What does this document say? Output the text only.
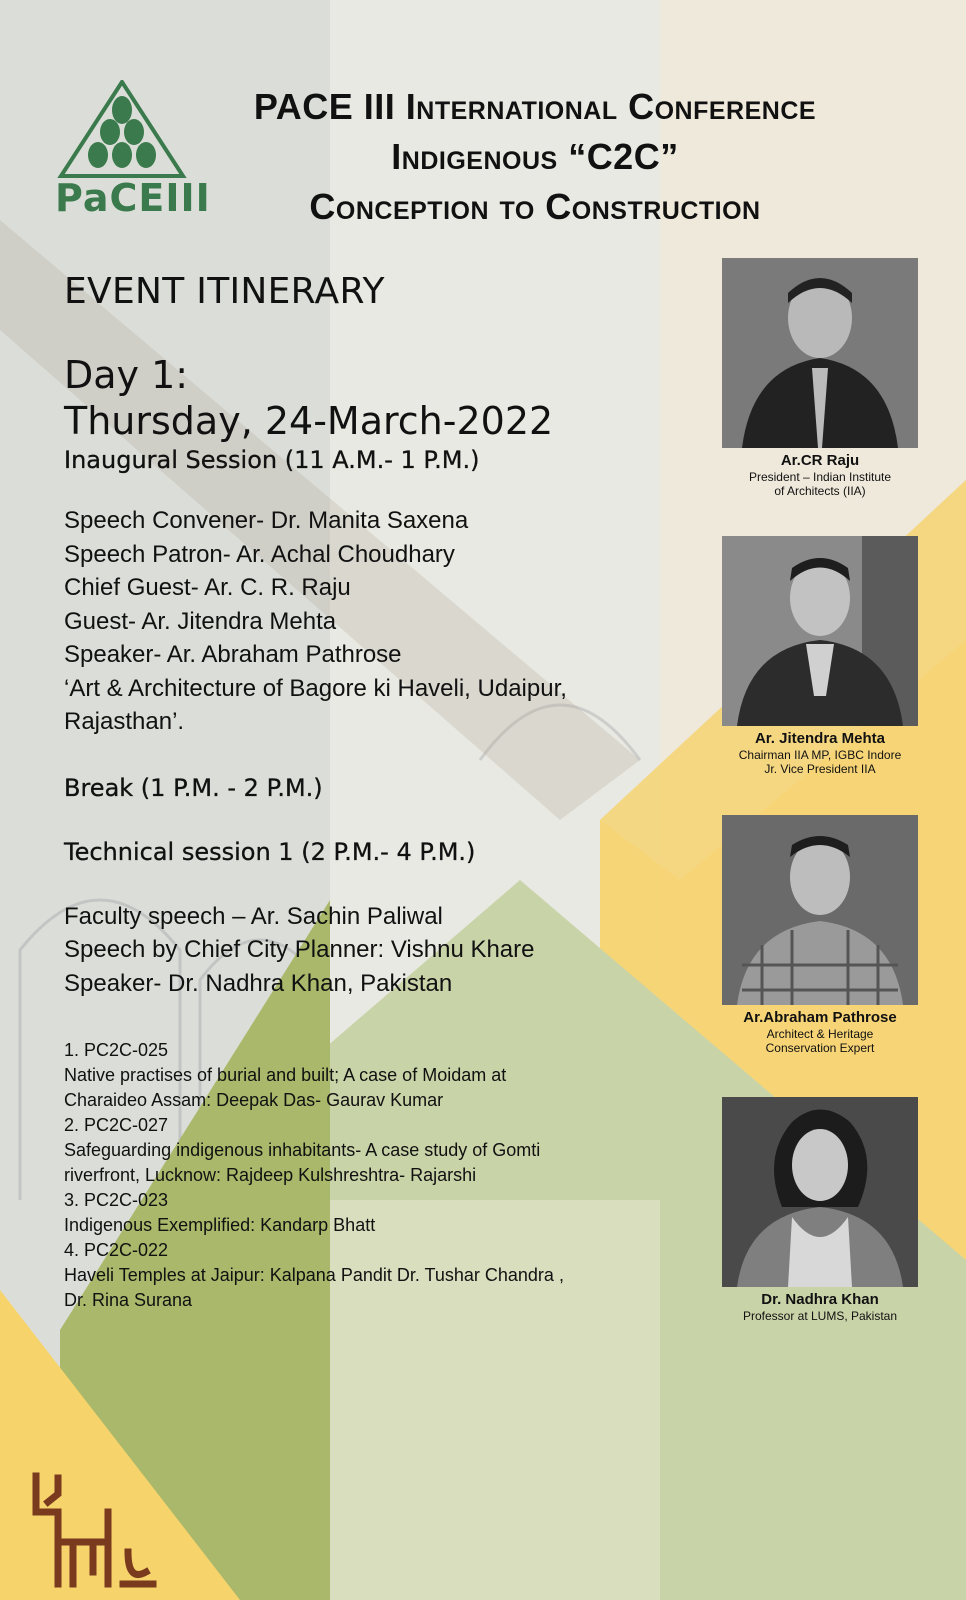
PaCEIII
PACE III International Conference
Indigenous “C2C”
Conception to Construction
EVENT ITINERARY
Day 1:
Thursday, 24-March-2022
Inaugural Session (11 A.M.- 1 P.M.)
Speech Convener- Dr. Manita Saxena
Speech Patron- Ar. Achal Choudhary
Chief Guest- Ar. C. R. Raju
Guest- Ar. Jitendra Mehta
Speaker- Ar. Abraham Pathrose
‘Art & Architecture of Bagore ki Haveli, Udaipur,
Rajasthan’.
Break (1 P.M. - 2 P.M.)
Technical session 1 (2 P.M.- 4 P.M.)
Faculty speech – Ar. Sachin Paliwal
Speech by Chief City Planner: Vishnu Khare
Speaker- Dr. Nadhra Khan, Pakistan
1. PC2C-025
Native practises of burial and built; A case of Moidam at
Charaideo Assam: Deepak Das- Gaurav Kumar
2. PC2C-027
Safeguarding indigenous inhabitants- A case study of Gomti
riverfront, Lucknow: Rajdeep Kulshreshtra- Rajarshi
3. PC2C-023
Indigenous Exemplified: Kandarp Bhatt
4. PC2C-022
Haveli Temples at Jaipur: Kalpana Pandit Dr. Tushar Chandra ,
Dr. Rina Surana
Ar.CR Raju
President – Indian Institute
of Architects (IIA)
Ar. Jitendra Mehta
Chairman IIA MP, IGBC Indore
Jr. Vice President IIA
Ar.Abraham Pathrose
Architect & Heritage
Conservation Expert
Dr. Nadhra Khan
Professor at LUMS, Pakistan
